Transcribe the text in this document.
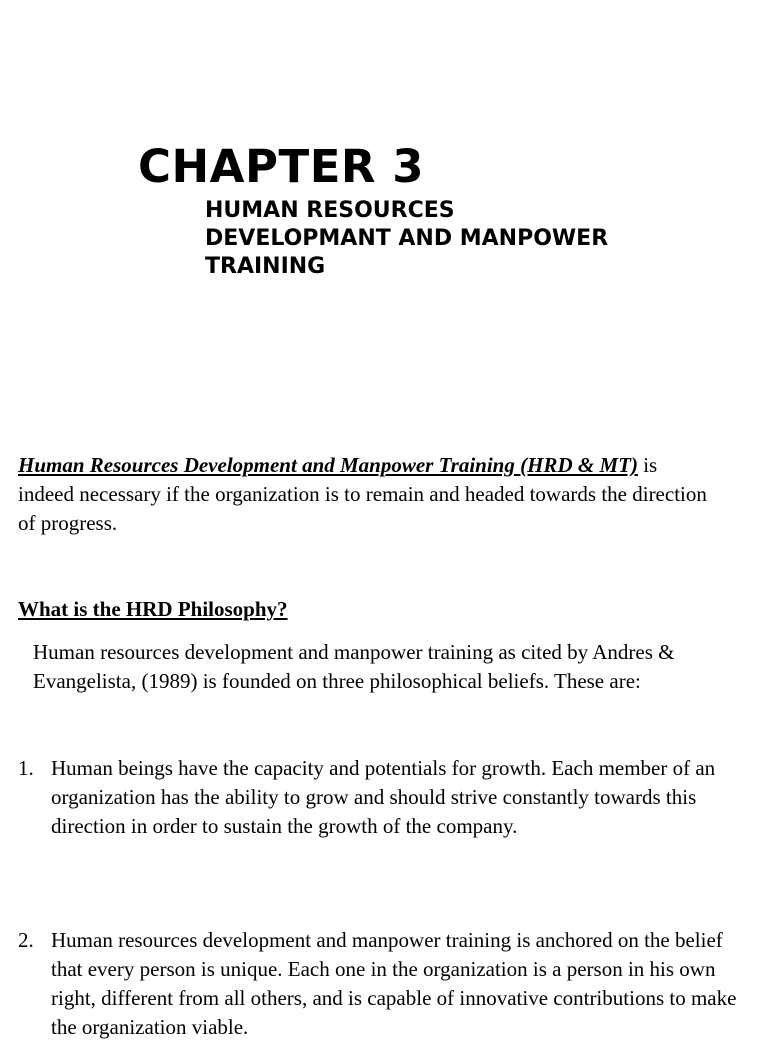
CHAPTER 3
HUMAN RESOURCES
DEVELOPMANT AND MANPOWER
TRAINING

Human Resources Development and Manpower Training (HRD & MT) is indeed necessary if the organization is to remain and headed towards the direction of progress.

What is the HRD Philosophy?

Human resources development and manpower training as cited by Andres & Evangelista, (1989) is founded on three philosophical beliefs. These are:

1. Human beings have the capacity and potentials for growth. Each member of an organization has the ability to grow and should strive constantly towards this direction in order to sustain the growth of the company.
2. Human resources development and manpower training is anchored on the belief that every person is unique. Each one in the organization is a person in his own right, different from all others, and is capable of innovative contributions to make the organization viable.
